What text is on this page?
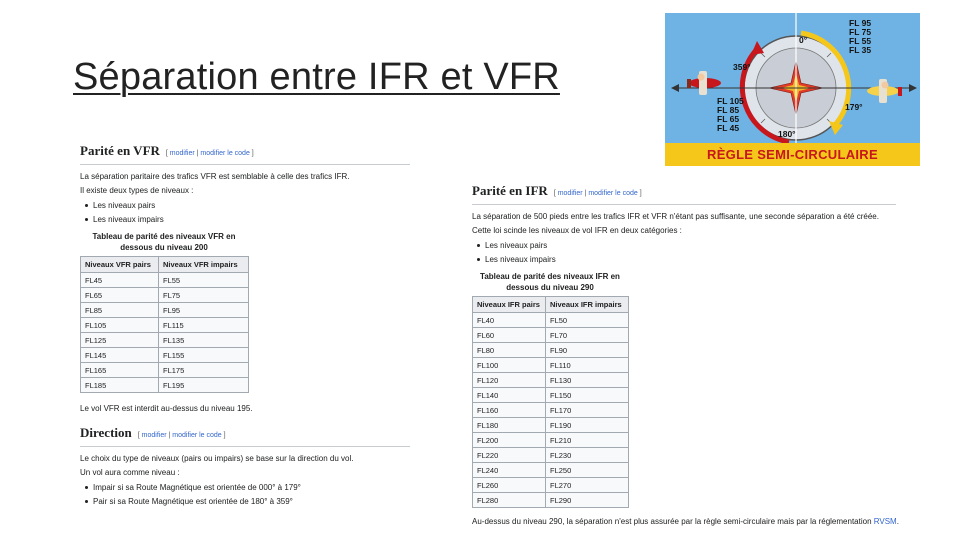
Séparation entre IFR et VFR
Parité en VFR [ modifier | modifier le code ]

La séparation paritaire des trafics VFR est semblable à celle des trafics IFR.

Il existe deux types de niveaux :

Les niveaux pairs
Les niveaux impairs
Tableau de parité des niveaux VFR en dessous du niveau 200
Niveaux VFR pairs	Niveaux VFR impairs
FL45	FL55
FL65	FL75
FL85	FL95
FL105	FL115
FL125	FL135
FL145	FL155
FL165	FL175
FL185	FL195

Le vol VFR est interdit au-dessus du niveau 195.

Direction [ modifier | modifier le code ]

Le choix du type de niveaux (pairs ou impairs) se base sur la direction du vol.

Un vol aura comme niveau :

Impair si sa Route Magnétique est orientée de 000° à 179°
Pair si sa Route Magnétique est orientée de 180° à 359°
Parité en IFR [ modifier | modifier le code ]

La séparation de 500 pieds entre les trafics IFR et VFR n'étant pas suffisante, une seconde séparation a été créée.

Cette loi scinde les niveaux de vol IFR en deux catégories :

Les niveaux pairs
Les niveaux impairs
Tableau de parité des niveaux IFR en dessous du niveau 290
Niveaux IFR pairs	Niveaux IFR impairs
FL40	FL50
FL60	FL70
FL80	FL90
FL100	FL110
FL120	FL130
FL140	FL150
FL160	FL170
FL180	FL190
FL200	FL210
FL220	FL230
FL240	FL250
FL260	FL270
FL280	FL290

Au-dessus du niveau 290, la séparation n'est plus assurée par la règle semi-circulaire mais par la réglementation RVSM.

0°
359°
179°
180°
FL 95
FL 75
FL 55
FL 35
FL 105
FL 85
FL 65
FL 45
RÈGLE SEMI-CIRCULAIRE
